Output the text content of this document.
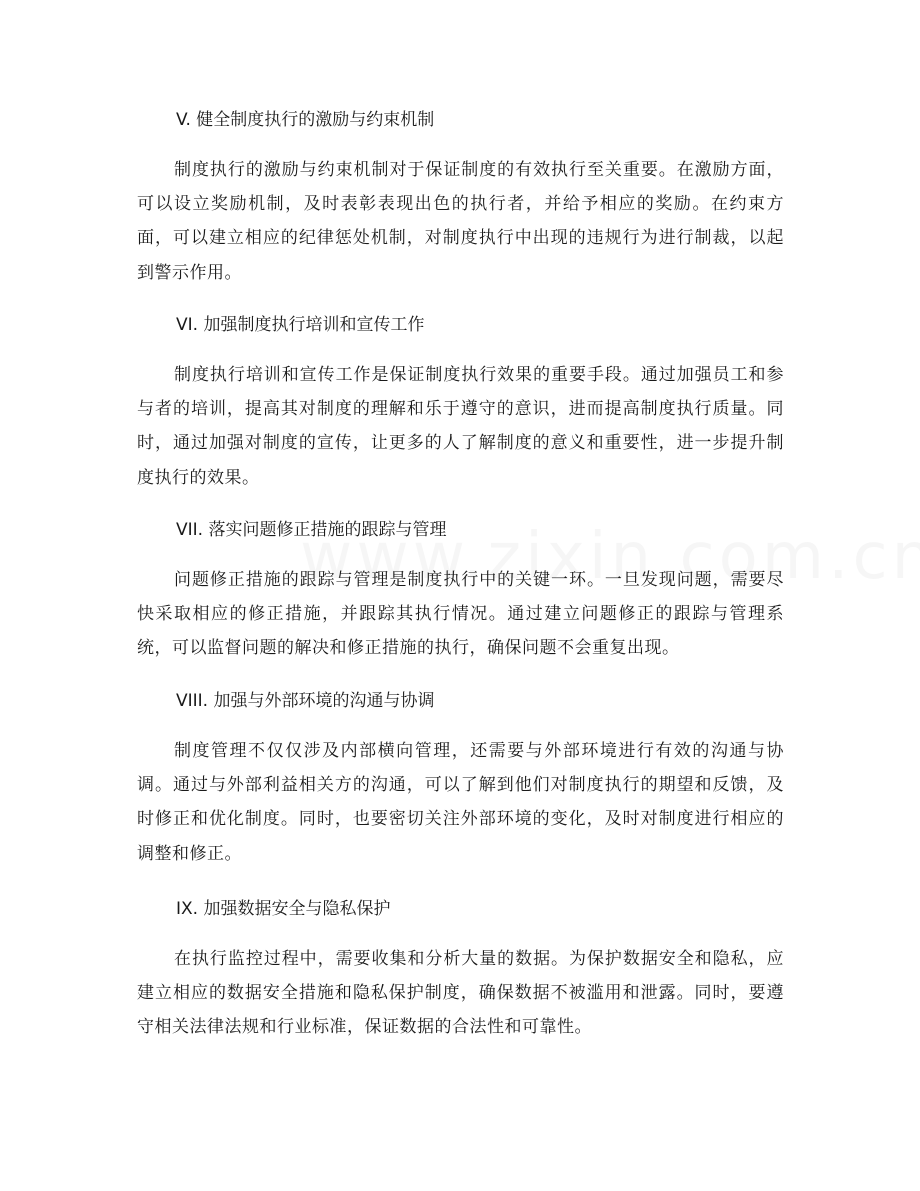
V. 健全制度执行的激励与约束机制
制度执行的激励与约束机制对于保证制度的有效执行至关重要。在激励方面，可以设立奖励机制，及时表彰表现出色的执行者，并给予相应的奖励。在约束方面，可以建立相应的纪律惩处机制，对制度执行中出现的违规行为进行制裁，以起到警示作用。
VI. 加强制度执行培训和宣传工作
制度执行培训和宣传工作是保证制度执行效果的重要手段。通过加强员工和参与者的培训，提高其对制度的理解和乐于遵守的意识，进而提高制度执行质量。同时，通过加强对制度的宣传，让更多的人了解制度的意义和重要性，进一步提升制度执行的效果。
VII. 落实问题修正措施的跟踪与管理
问题修正措施的跟踪与管理是制度执行中的关键一环。一旦发现问题，需要尽快采取相应的修正措施，并跟踪其执行情况。通过建立问题修正的跟踪与管理系统，可以监督问题的解决和修正措施的执行，确保问题不会重复出现。
VIII. 加强与外部环境的沟通与协调
制度管理不仅仅涉及内部横向管理，还需要与外部环境进行有效的沟通与协调。通过与外部利益相关方的沟通，可以了解到他们对制度执行的期望和反馈，及时修正和优化制度。同时，也要密切关注外部环境的变化，及时对制度进行相应的调整和修正。
IX. 加强数据安全与隐私保护
在执行监控过程中，需要收集和分析大量的数据。为保护数据安全和隐私，应建立相应的数据安全措施和隐私保护制度，确保数据不被滥用和泄露。同时，要遵守相关法律法规和行业标准，保证数据的合法性和可靠性。
